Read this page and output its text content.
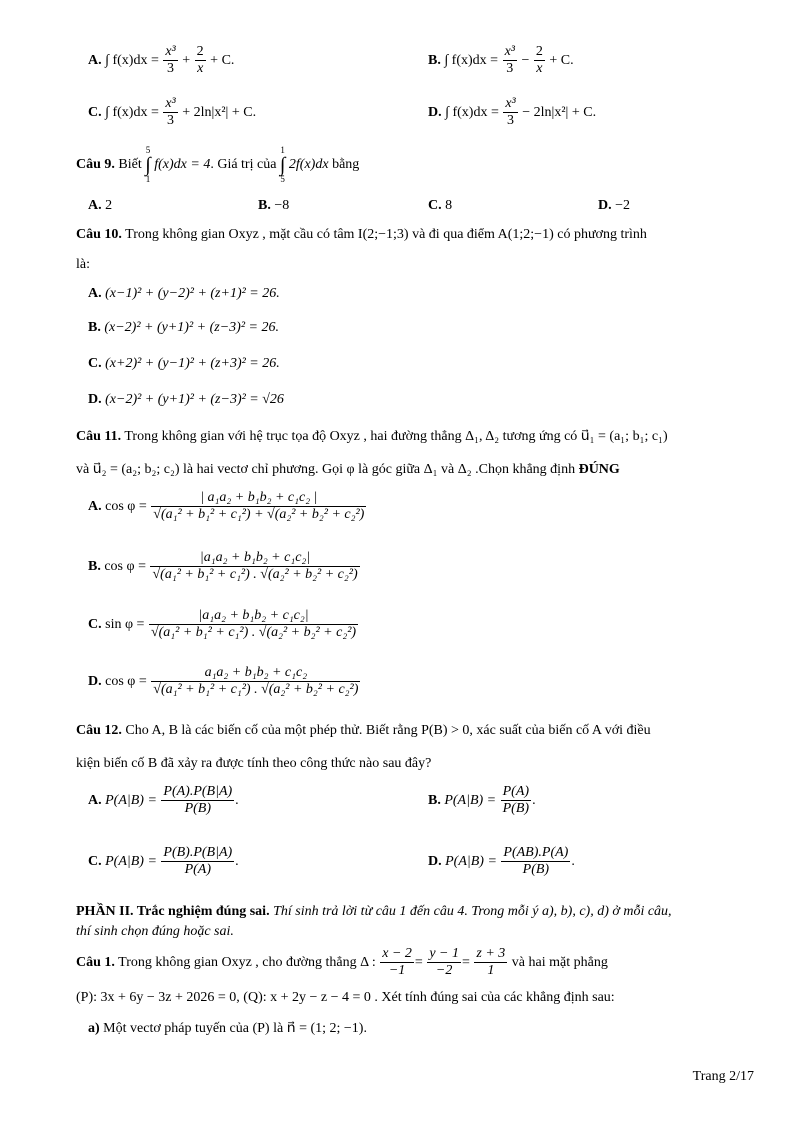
A. ∫ $f(x)dx = \frac{\text{x³}}{3} + \frac{2}{x} + C$.	B. ∫ $f(x)dx = \frac{\text{x³}}{3} - \frac{2}{x} + C$.
C. ∫ $f(x)dx = \frac{\text{x³}}{3} + 2\ln|x^2| + C$.	D. ∫ $f(x)dx = \frac{\text{x³}}{3} - 2\ln|x^2| + C$.
Câu 9. Biết
5
∫
1
f(x)dx = 4. Giá trị của
1
∫
5
2f(x)dx bằng
A. 2	B. −8	C. 8	D. −2
Câu 10. Trong không gian Oxyz , mặt cầu có tâm I(2;−1;3) và đi qua điểm A(1;2;−1) có phương trình
là:
A. (x−1)² + (y−2)² + (z+1)² = 26.
B. (x−2)² + (y+1)² + (z−3)² = 26.
C. (x+2)² + (y−1)² + (z+3)² = 26.
D. (x−2)² + (y+1)² + (z−3)² = √26
Câu 11. Trong không gian với hệ trục tọa độ Oxyz , hai đường thẳng Δ₁, Δ₂ tương ứng có u⃗₁ = (a₁; b₁; c₁)
và u⃗₂ = (a₂; b₂; c₂) là hai vectơ chỉ phương. Gọi φ là góc giữa Δ₁ và Δ₂ .Chọn khẳng định ĐÚNG
A. $\cos \varphi = \frac{\text{| a₁a₂ + b₁b₂ + c₁c₂ |}}{\text{√(a₁² + b₁² + c₁²) + √(a₂² + b₂² + c₂²)}}$
B. $\cos \varphi = \frac{\text{|a₁a₂ + b₁b₂ + c₁c₂|}}{\text{√(a₁² + b₁² + c₁²) . √(a₂² + b₂² + c₂²)}}$
C. $\sin \varphi = \frac{\text{|a₁a₂ + b₁b₂ + c₁c₂|}}{\text{√(a₁² + b₁² + c₁²) . √(a₂² + b₂² + c₂²)}}$
D. $\cos \varphi = \frac{\text{a₁a₂ + b₁b₂ + c₁c₂}}{\text{√(a₁² + b₁² + c₁²) . √(a₂² + b₂² + c₂²)}}$
Câu 12. Cho A, B là các biến cố của một phép thử. Biết rằng P(B) > 0, xác suất của biến cố A với điều
kiện biến cố B đã xảy ra được tính theo công thức nào sau đây?
A. $P(A|B) = \frac{P(A).P(B|A)}{P(B)}$ .	B. $P(A|B) = \frac{P(A)}{P(B)}$ .
C. $P(A|B) = \frac{P(B).P(B|A)}{P(A)}$ .	D. $P(A|B) = \frac{P(AB).P(A)}{P(B)}$ .
PHẦN II. Trắc nghiệm đúng sai. Thí sinh trả lời từ câu 1 đến câu 4. Trong mỗi ý a), b), c), d) ở mỗi câu,
thí sinh chọn đúng hoặc sai.
Câu 1. Trong không gian Oxyz , cho đường thẳng Δ : $\frac{x - 2}{-1} = \frac{y - 1}{-2} = \frac{z + 3}{1}$ và hai mặt phẳng
(P): 3x + 6y − 3z + 2026 = 0, (Q): x + 2y − z − 4 = 0 . Xét tính đúng sai của các khẳng định sau:
a) Một vectơ pháp tuyến của (P) là n⃗ = (1; 2; −1).
Trang 2/17
